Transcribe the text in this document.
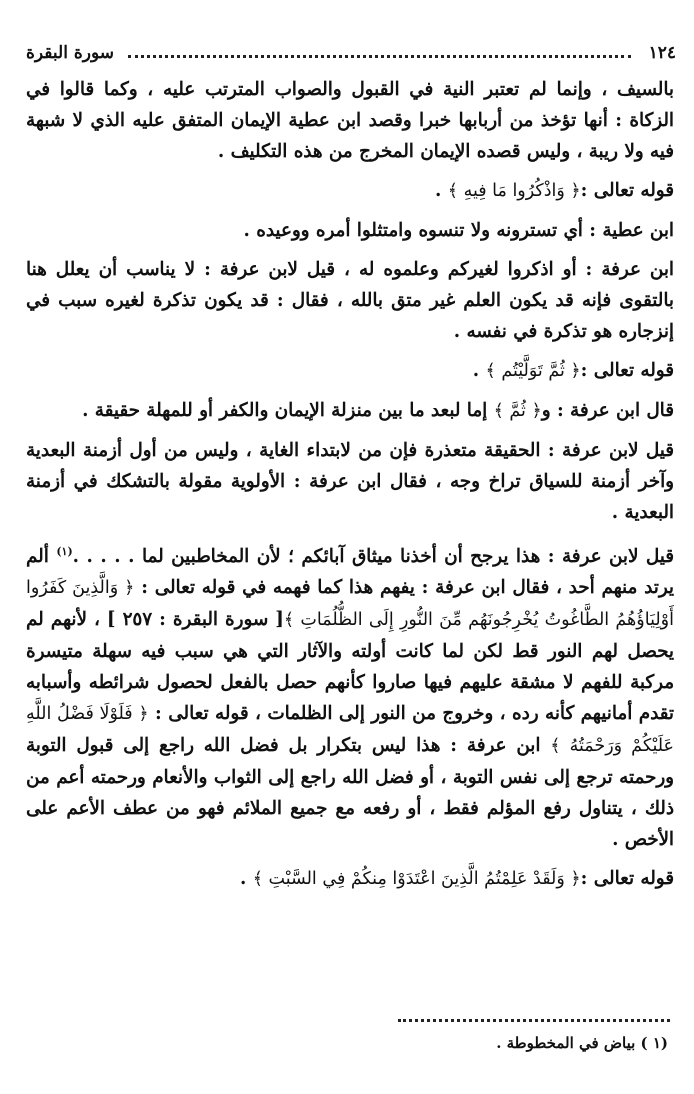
١٢٤
سورة البقرة

بالسيف ، وإنما لم تعتبر النية في القبول والصواب المترتب عليه ، وكما قالوا في الزكاة : أنها تؤخذ من أربابها خبرا وقصد ابن عطية الإيمان المتفق عليه الذي لا شبهة فيه ولا ريبة ، وليس قصده الإيمان المخرج من هذه التكليف .

قوله تعالى :﴿ وَاذْكُرُوا مَا فِيهِ ﴾ .

ابن عطية : أي تسترونه ولا تنسوه وامتثلوا أمره ووعيده .

ابن عرفة : أو اذكروا لغيركم وعلموه له ، قيل لابن عرفة : لا يناسب أن يعلل هنا بالتقوى فإنه قد يكون العلم غير متق بالله ، فقال : قد يكون تذكرة لغيره سبب في إنزجاره هو تذكرة في نفسه .

قوله تعالى :﴿ ثُمَّ تَوَلَّيْتُم ﴾ .

قال ابن عرفة : و﴿ ثُمَّ ﴾ إما لبعد ما بين منزلة الإيمان والكفر أو للمهلة حقيقة .

قيل لابن عرفة : الحقيقة متعذرة فإن من لابتداء الغاية ، وليس من أول أزمنة البعدية وآخر أزمنة للسياق تراخ وجه ، فقال ابن عرفة : الأولوية مقولة بالتشكك في أزمنة البعدية .

قيل لابن عرفة : هذا يرجح أن أخذنا ميثاق آبائكم ؛ لأن المخاطبين لما . . . . .$^{(١)}$ ألم يرتد منهم أحد ، فقال ابن عرفة : يفهم هذا كما فهمه في قوله تعالى : ﴿ وَالَّذِينَ كَفَرُوا أَوْلِيَاؤُهُمُ الطَّاغُوتُ يُخْرِجُونَهُم مِّنَ النُّورِ إِلَى الظُّلُمَاتِ ﴾[ سورة البقرة : ٢٥٧ ] ، لأنهم لم يحصل لهم النور قط لكن لما كانت أولته والآثار التي هي سبب فيه سهلة متيسرة مركبة للفهم لا مشقة عليهم فيها صاروا كأنهم حصل بالفعل لحصول شرائطه وأسبابه تقدم أمانيهم كأنه رده ، وخروج من النور إلى الظلمات ، قوله تعالى : ﴿ فَلَوْلَا فَضْلُ اللَّهِ عَلَيْكُمْ وَرَحْمَتُهُ ﴾ ابن عرفة : هذا ليس بتكرار بل فضل الله راجع إلى قبول التوبة ورحمته ترجع إلى نفس التوبة ، أو فضل الله راجع إلى الثواب والأنعام ورحمته أعم من ذلك ، يتناول رفع المؤلم فقط ، أو رفعه مع جميع الملائم فهو من عطف الأعم على الأخص .

قوله تعالى :﴿ وَلَقَدْ عَلِمْتُمُ الَّذِينَ اعْتَدَوْا مِنكُمْ فِي السَّبْتِ ﴾ .

(١ ) بياض في المخطوطة .
